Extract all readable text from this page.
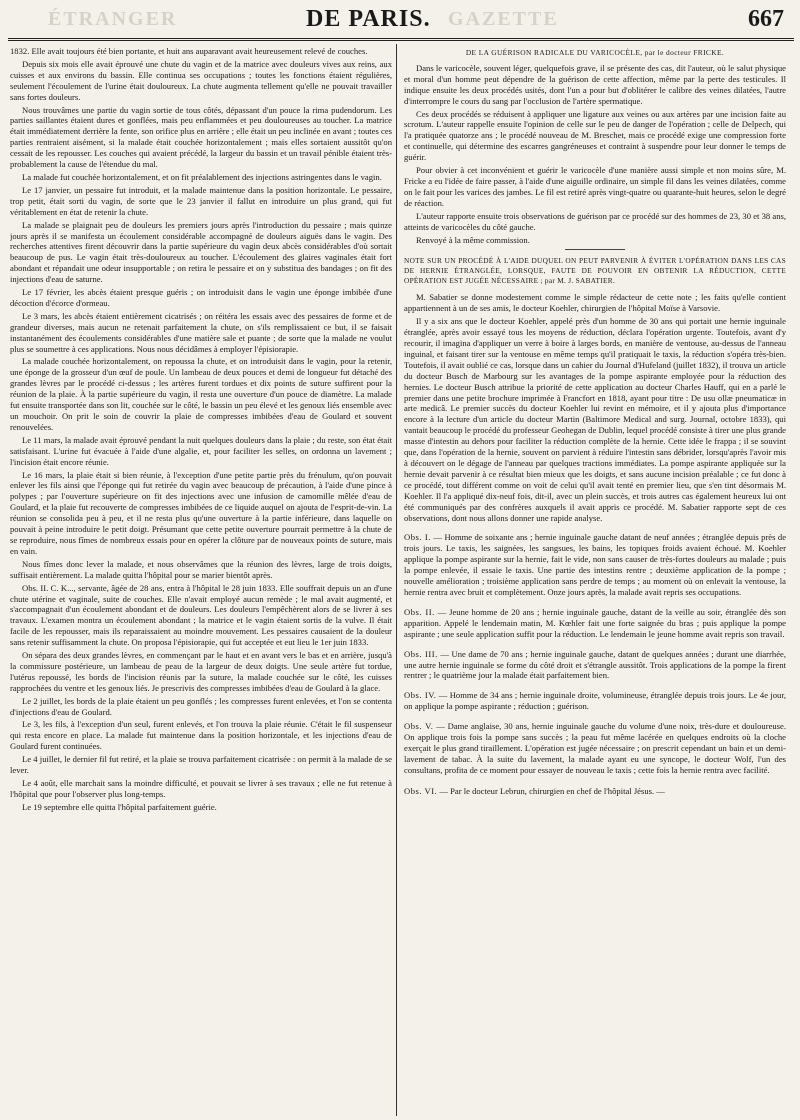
ÉTRANGER	GAZETTE
DE PARIS.	667

1832. Elle avait toujours été bien portante, et huit ans auparavant avait heureusement relevé de couches.

Depuis six mois elle avait éprouvé une chute du vagin et de la matrice avec douleurs vives aux reins, aux cuisses et aux environs du bassin. Elle continua ses occupations ; toutes les fonctions étaient régulières, seulement l'écoulement de l'urine était douloureux. La chute augmenta tellement qu'elle ne pouvait travailler sans fortes douleurs.

Nous trouvâmes une partie du vagin sortie de tous côtés, dépassant d'un pouce la rima pudendorum. Les parties saillantes étaient dures et gonflées, mais peu enflammées et peu douloureuses au toucher. La matrice était immédiatement derrière la fente, son orifice plus en arrière ; elle était un peu inclinée en avant ; toutes ces parties rentraient aisément, si la malade était couchée horizontalement ; mais elles sortaient aussitôt qu'on cessait de les repousser. Les couches qui avaient précédé, la largeur du bassin et un travail pénible étaient très-probablement la cause de l'étendue du mal.

La malade fut couchée horizontalement, et on fit préalablement des injections astringentes dans le vagin.

Le 17 janvier, un pessaire fut introduit, et la malade maintenue dans la position horizontale. Le pessaire, trop petit, était sorti du vagin, de sorte que le 23 janvier il fallut en introduire un plus grand, qui fut véritablement en état de retenir la chute.

La malade se plaignait peu de douleurs les premiers jours après l'introduction du pessaire ; mais quinze jours après il se manifesta un écoulement considérable accompagné de douleurs aiguës dans le vagin. Des recherches attentives firent découvrir dans la partie supérieure du vagin deux abcès considérables d'où sortait beaucoup de pus. Le vagin était très-douloureux au toucher. L'écoulement des glaires vaginales était fort abondant et répandait une odeur insupportable ; on retira le pessaire et on y substitua des bandages ; on fit des injections d'eau de saturne.

Le 17 février, les abcès étaient presque guéris ; on introduisit dans le vagin une éponge imbibée d'une décoction d'écorce d'ormeau.

Le 3 mars, les abcès étaient entièrement cicatrisés ; on réitéra les essais avec des pessaires de forme et de grandeur diverses, mais aucun ne retenait parfaitement la chute, on s'ils remplissaient ce but, il se faisait instantanément des écoulements considérables d'une matière sale et puante ; de sorte que la malade ne voulut plus se soumettre à ces applications. Nous nous décidâmes à employer l'épisiorapie.

La malade couchée horizontalement, on repoussa la chute, et on introduisit dans le vagin, pour la retenir, une éponge de la grosseur d'un œuf de poule. Un lambeau de deux pouces et demi de longueur fut détaché des grandes lèvres par le procédé ci-dessus ; les artères furent tordues et dix points de suture suffirent pour la réunion de la plaie. À la partie supérieure du vagin, il resta une ouverture d'un pouce de diamètre. La malade fut ensuite transportée dans son lit, couchée sur le côté, le bassin un peu élevé et les genoux liés ensemble avec un mouchoir. On prit le soin de couvrir la plaie de compresses imbibées d'eau de Goulard et souvent renouvelées.

Le 11 mars, la malade avait éprouvé pendant la nuit quelques douleurs dans la plaie ; du reste, son état était satisfaisant. L'urine fut évacuée à l'aide d'une algalie, et, pour faciliter les selles, on ordonna un lavement ; l'incision était encore réunie.

Le 16 mars, la plaie était si bien réunie, à l'exception d'une petite partie près du frénulum, qu'on pouvait enlever les fils ainsi que l'éponge qui fut retirée du vagin avec beaucoup de précaution, à l'aide d'une pince à polypes ; par l'ouverture supérieure on fit des injections avec une infusion de camomille mêlée d'eau de Goulard, et la plaie fut recouverte de compresses imbibées de ce liquide auquel on ajouta de l'esprit-de-vin. La réunion se consolida peu à peu, et il ne resta plus qu'une ouverture à la partie inférieure, dans laquelle on pouvait à peine introduire le petit doigt. Présumant que cette petite ouverture pourrait permettre à la chute de se reproduire, nous fîmes de nombreux essais pour en opérer la clôture par de nouveaux points de suture, mais en vain.

Nous fîmes donc lever la malade, et nous observâmes que la réunion des lèvres, large de trois doigts, suffisait entièrement. La malade quitta l'hôpital pour se marier bientôt après.

Obs. II. C. K..., servante, âgée de 28 ans, entra à l'hôpital le 28 juin 1833. Elle souffrait depuis un an d'une chute utérine et vaginale, suite de couches. Elle n'avait employé aucun remède ; le mal avait augmenté, et s'accompagnait d'un écoulement abondant et de douleurs. Les douleurs l'empêchèrent alors de se livrer à ses travaux. L'examen montra un écoulement abondant ; la matrice et le vagin étaient sortis de la vulve. Il était facile de les repousser, mais ils reparaissaient au moindre mouvement. Les pessaires causaient de la douleur sans retenir suffisamment la chute. On proposa l'épisiorapie, qui fut acceptée et eut lieu le 1er juin 1833.

On sépara des deux grandes lèvres, en commençant par le haut et en avant vers le bas et en arrière, jusqu'à la commissure postérieure, un lambeau de peau de la largeur de deux doigts. Une seule artère fut tordue, l'utérus repoussé, les bords de l'incision réunis par la suture, la malade couchée sur le côté, les cuisses rapprochées du ventre et les genoux liés. Je prescrivis des compresses imbibées d'eau de Goulard à la glace.

Le 2 juillet, les bords de la plaie étaient un peu gonflés ; les compresses furent enlevées, et l'on se contenta d'injections d'eau de Goulard.

Le 3, les fils, à l'exception d'un seul, furent enlevés, et l'on trouva la plaie réunie. C'était le fil suspenseur qui resta encore en place. La malade fut maintenue dans la position horizontale, et les injections d'eau de Goulard furent continuées.

Le 4 juillet, le dernier fil fut retiré, et la plaie se trouva parfaitement cicatrisée : on permit à la malade de se lever.

Le 4 août, elle marchait sans la moindre difficulté, et pouvait se livrer à ses travaux ; elle ne fut retenue à l'hôpital que pour l'observer plus long-temps.

Le 19 septembre elle quitta l'hôpital parfaitement guérie.

DE LA GUÉRISON RADICALE DU VARICOCÈLE, par le docteur FRICKE.

Dans le varicocèle, souvent léger, quelquefois grave, il se présente des cas, dit l'auteur, où le salut physique et moral d'un homme peut dépendre de la guérison de cette affection, même par la perte des testicules. Il indique ensuite les deux procédés usités, dont l'un a pour but d'oblitérer le calibre des veines dilatées, l'autre d'interrompre le cours du sang par l'occlusion de l'artère spermatique.

Ces deux procédés se réduisent à appliquer une ligature aux veines ou aux artères par une incision faite au scrotum. L'auteur rappelle ensuite l'opinion de celle sur le peu de danger de l'opération ; celle de Delpech, qui l'a pratiquée quatorze ans ; le procédé nouveau de M. Breschet, mais ce procédé exige une compression forte et continuelle, qui détermine des escarres gangréneuses et contraint à suspendre pour leur donner le temps de guérir.

Pour obvier à cet inconvénient et guérir le varicocèle d'une manière aussi simple et non moins sûre, M. Fricke a eu l'idée de faire passer, à l'aide d'une aiguille ordinaire, un simple fil dans les veines dilatées, comme on le fait pour les varices des jambes. Le fil est retiré après vingt-quatre ou quarante-huit heures, selon le degré de réaction.

L'auteur rapporte ensuite trois observations de guérison par ce procédé sur des hommes de 23, 30 et 38 ans, atteints de varicocèles du côté gauche.

Renvoyé à la même commission.

NOTE SUR UN PROCÉDÉ À L'AIDE DUQUEL ON PEUT PARVENIR À ÉVITER L'OPÉRATION DANS LES CAS DE HERNIE ÉTRANGLÉE, LORSQUE, FAUTE DE POUVOIR EN OBTENIR LA RÉDUCTION, CETTE OPÉRATION EST JUGÉE NÉCESSAIRE ; par M. J. SABATIER.

M. Sabatier se donne modestement comme le simple rédacteur de cette note ; les faits qu'elle contient appartiennent à un de ses amis, le docteur Koehler, chirurgien de l'hôpital Moïse à Varsovie.

Il y a six ans que le docteur Koehler, appelé près d'un homme de 30 ans qui portait une hernie inguinale étranglée, après avoir essayé tous les moyens de réduction, déclara l'opération urgente. Toutefois, avant d'y recourir, il imagina d'appliquer un verre à boire à larges bords, en manière de ventouse, au-dessus de l'anneau inguinal, et faisant tirer sur la ventouse en même temps qu'il pratiquait le taxis, la réduction s'opéra très-bien. Toutefois, il avait oublié ce cas, lorsque dans un cahier du Journal d'Hufeland (juillet 1832), il trouva un article du docteur Busch de Marbourg sur les avantages de la pompe aspirante employée pour la réduction des hernies. Le docteur Busch attribue la priorité de cette application au docteur Charles Hauff, qui en a parlé le premier dans une petite brochure imprimée à Francfort en 1818, ayant pour titre : De usu ollæ pneumaticæ in arte medicâ. Le premier succès du docteur Koehler lui revint en mémoire, et il y ajouta plus d'importance encore à la lecture d'un article du docteur Martin (Baltimore Medical and surg. Journal, octobre 1833), qui vantait beaucoup le procédé du professeur Geohegan de Dublin, lequel procédé consiste à tirer une plus grande masse d'intestin au dehors pour faciliter la réduction complète de la hernie. Cette idée le frappa ; il se souvint que, dans l'opération de la hernie, souvent on parvient à réduire l'intestin sans débrider, lorsqu'après l'avoir mis à découvert on le dégage de l'anneau par quelques tractions immédiates. La pompe aspirante appliquée sur la hernie devait parvenir à ce résultat bien mieux que les doigts, et sans aucune incision préalable ; ce fut donc à ce procédé, tout différent comme on voit de celui qu'il avait tenté en premier lieu, que s'en tint désormais M. Koehler. Il l'a appliqué dix-neuf fois, dit-il, avec un plein succès, et trois autres cas également heureux lui ont été communiqués par des confrères auxquels il avait appris ce procédé. M. Sabatier rapporte sept de ces observations, dont nous allons donner une rapide analyse.

Obs. I. — Homme de soixante ans ; hernie inguinale gauche datant de neuf années ; étranglée depuis près de trois jours. Le taxis, les saignées, les sangsues, les bains, les topiques froids avaient échoué. M. Koehler applique la pompe aspirante sur la hernie, fait le vide, non sans causer de très-fortes douleurs au malade ; puis la pompe enlevée, il essaie le taxis. Une partie des intestins rentre ; deuxième application de la pompe ; nouvelle amélioration ; troisième application sans perdre de temps ; au moment où on enlevait la ventouse, la hernie rentra avec bruit et complètement. Onze jours après, la malade avait repris ses occupations.

Obs. II. — Jeune homme de 20 ans ; hernie inguinale gauche, datant de la veille au soir, étranglée dès son apparition. Appelé le lendemain matin, M. Kœhler fait une forte saignée du bras ; puis applique la pompe aspirante ; une seule application suffit pour la réduction. Le lendemain le jeune homme avait repris son travail.

Obs. III. — Une dame de 70 ans ; hernie inguinale gauche, datant de quelques années ; durant une diarrhée, une autre hernie inguinale se forme du côté droit et s'étrangle aussitôt. Trois applications de la pompe la firent rentrer ; le quatrième jour la malade était parfaitement bien.

Obs. IV. — Homme de 34 ans ; hernie inguinale droite, volumineuse, étranglée depuis trois jours. Le 4e jour, on applique la pompe aspirante ; réduction ; guérison.

Obs. V. — Dame anglaise, 30 ans, hernie inguinale gauche du volume d'une noix, très-dure et douloureuse. On applique trois fois la pompe sans succès ; la peau fut même lacérée en quelques endroits où la cloche exerçait le plus grand tiraillement. L'opération est jugée nécessaire ; on prescrit cependant un bain et un demi-lavement de tabac. À la suite du lavement, la malade ayant eu une syncope, le docteur Wolf, l'un des consultans, profita de ce moment pour essayer de nouveau le taxis ; cette fois la hernie rentra avec facilité.

Obs. VI. — Par le docteur Lebrun, chirurgien en chef de l'hôpital Jésus. —
